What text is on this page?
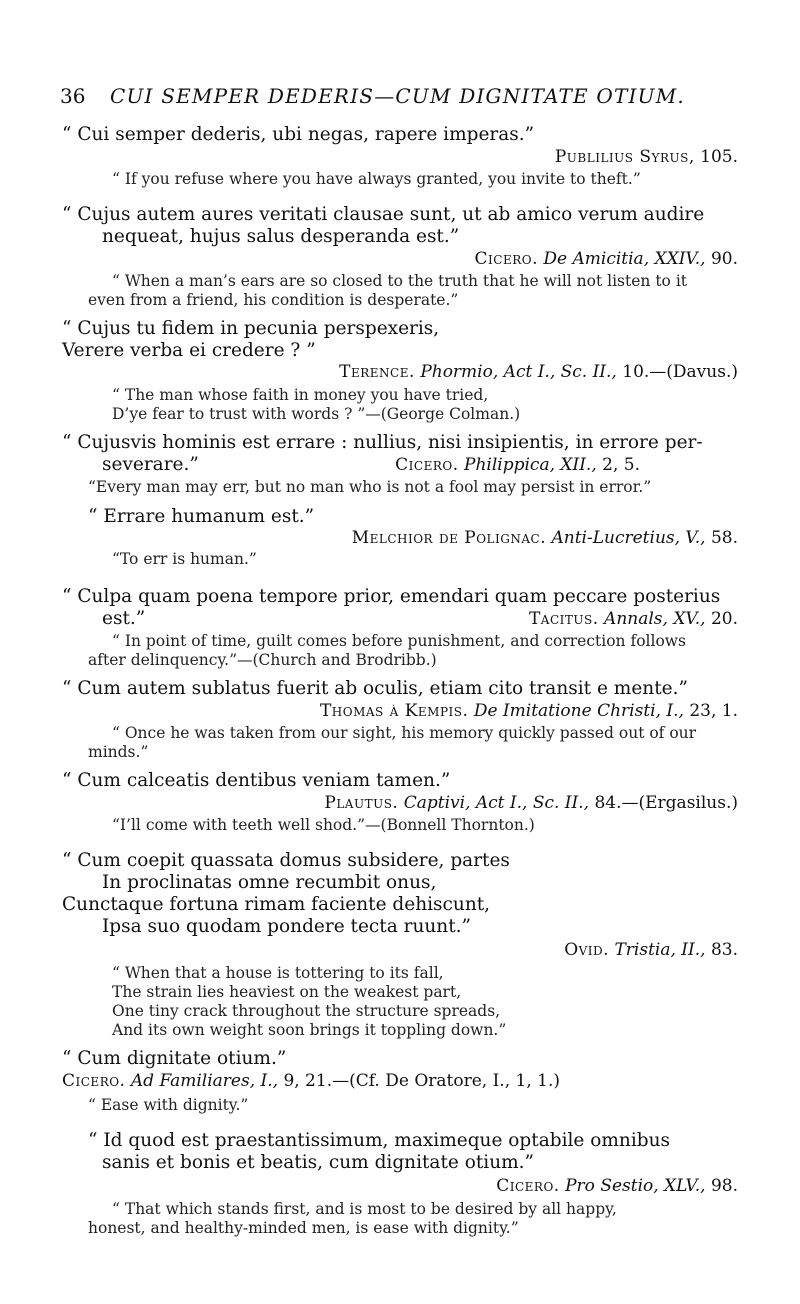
36 CUI SEMPER DEDERIS—CUM DIGNITATE OTIUM.
“ Cui semper dederis, ubi negas, rapere imperas.”
Publilius Syrus, 105.
“ If you refuse where you have always granted, you invite to theft.”
“ Cujus autem aures veritati clausae sunt, ut ab amico verum audire
nequeat, hujus salus desperanda est.”
Cicero. De Amicitia, XXIV., 90.
“ When a man’s ears are so closed to the truth that he will not listen to it
even from a friend, his condition is desperate.”
“ Cujus tu fidem in pecunia perspexeris,
Verere verba ei credere ? ”
Terence. Phormio, Act I., Sc. II., 10.—(Davus.)
“ The man whose faith in money you have tried,
D’ye fear to trust with words ? ”—(George Colman.)
“ Cujusvis hominis est errare : nullius, nisi insipientis, in errore per-
severare.”	Cicero. Philippica, XII., 2, 5.
“Every man may err, but no man who is not a fool may persist in error.”
“ Errare humanum est.”
Melchior de Polignac. Anti-Lucretius, V., 58.
“To err is human.”
“ Culpa quam poena tempore prior, emendari quam peccare posterius
est.”	Tacitus. Annals, XV., 20.
“ In point of time, guilt comes before punishment, and correction follows
after delinquency.”—(Church and Brodribb.)
“ Cum autem sublatus fuerit ab oculis, etiam cito transit e mente.”
Thomas à Kempis. De Imitatione Christi, I., 23, 1.
“ Once he was taken from our sight, his memory quickly passed out of our
minds.”
“ Cum calceatis dentibus veniam tamen.”
Plautus. Captivi, Act I., Sc. II., 84.—(Ergasilus.)
“I’ll come with teeth well shod.”—(Bonnell Thornton.)
“ Cum coepit quassata domus subsidere, partes
In proclinatas omne recumbit onus,
Cunctaque fortuna rimam faciente dehiscunt,
Ipsa suo quodam pondere tecta ruunt.”
Ovid. Tristia, II., 83.
“ When that a house is tottering to its fall,
The strain lies heaviest on the weakest part,
One tiny crack throughout the structure spreads,
And its own weight soon brings it toppling down.”
“ Cum dignitate otium.”
Cicero. Ad Familiares, I., 9, 21.—(Cf. De Oratore, I., 1, 1.)
“ Ease with dignity.”
“ Id quod est praestantissimum, maximeque optabile omnibus
sanis et bonis et beatis, cum dignitate otium.”
Cicero. Pro Sestio, XLV., 98.
“ That which stands first, and is most to be desired by all happy,
honest, and healthy-minded men, is ease with dignity.”
